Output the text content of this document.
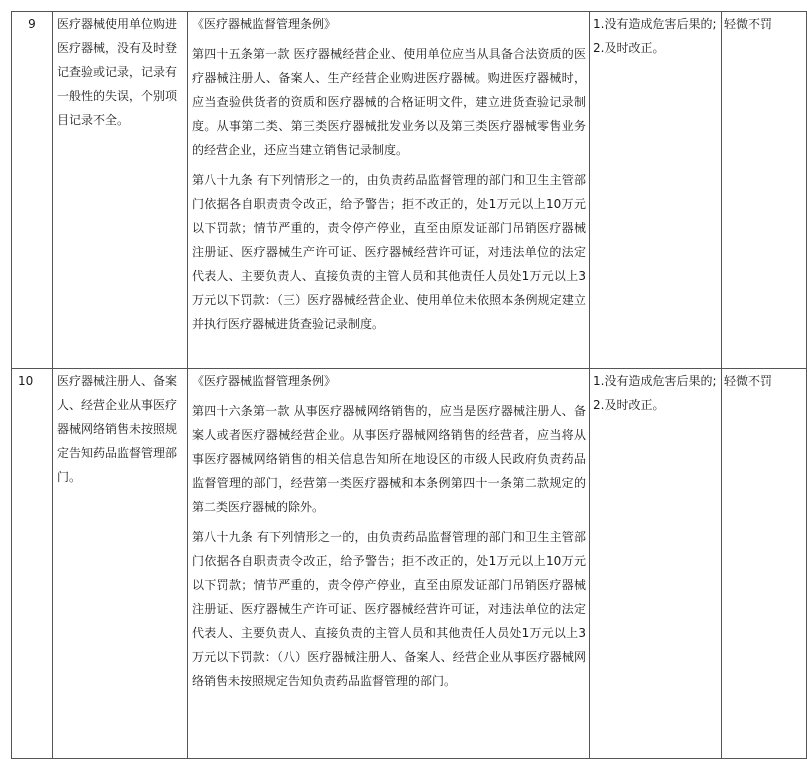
9	医疗器械使用单位购进医疗器械，没有及时登记查验或记录，记录有一般性的失误，个别项目记录不全。	《医疗器械监督管理条例》
第四十五条第一款 医疗器械经营企业、使用单位应当从具备合法资质的医疗器械注册人、备案人、生产经营企业购进医疗器械。购进医疗器械时，应当查验供货者的资质和医疗器械的合格证明文件，建立进货查验记录制度。从事第二类、第三类医疗器械批发业务以及第三类医疗器械零售业务的经营企业，还应当建立销售记录制度。
第八十九条 有下列情形之一的，由负责药品监督管理的部门和卫生主管部门依据各自职责责令改正，给予警告；拒不改正的，处1万元以上10万元以下罚款；情节严重的，责令停产停业，直至由原发证部门吊销医疗器械注册证、医疗器械生产许可证、医疗器械经营许可证，对违法单位的法定代表人、主要负责人、直接负责的主管人员和其他责任人员处1万元以上3万元以下罚款：（三）医疗器械经营企业、使用单位未依照本条例规定建立并执行医疗器械进货查验记录制度。	1.没有造成危害后果的;
2.及时改正。	轻微不罚
10	医疗器械注册人、备案人、经营企业从事医疗器械网络销售未按照规定告知药品监督管理部门。	《医疗器械监督管理条例》
第四十六条第一款 从事医疗器械网络销售的，应当是医疗器械注册人、备案人或者医疗器械经营企业。从事医疗器械网络销售的经营者，应当将从事医疗器械网络销售的相关信息告知所在地设区的市级人民政府负责药品监督管理的部门，经营第一类医疗器械和本条例第四十一条第二款规定的第二类医疗器械的除外。
第八十九条 有下列情形之一的，由负责药品监督管理的部门和卫生主管部门依据各自职责责令改正，给予警告；拒不改正的，处1万元以上10万元以下罚款；情节严重的，责令停产停业，直至由原发证部门吊销医疗器械注册证、医疗器械生产许可证、医疗器械经营许可证，对违法单位的法定代表人、主要负责人、直接负责的主管人员和其他责任人员处1万元以上3万元以下罚款：（八）医疗器械注册人、备案人、经营企业从事医疗器械网络销售未按照规定告知负责药品监督管理的部门。	1.没有造成危害后果的;
2.及时改正。	轻微不罚
